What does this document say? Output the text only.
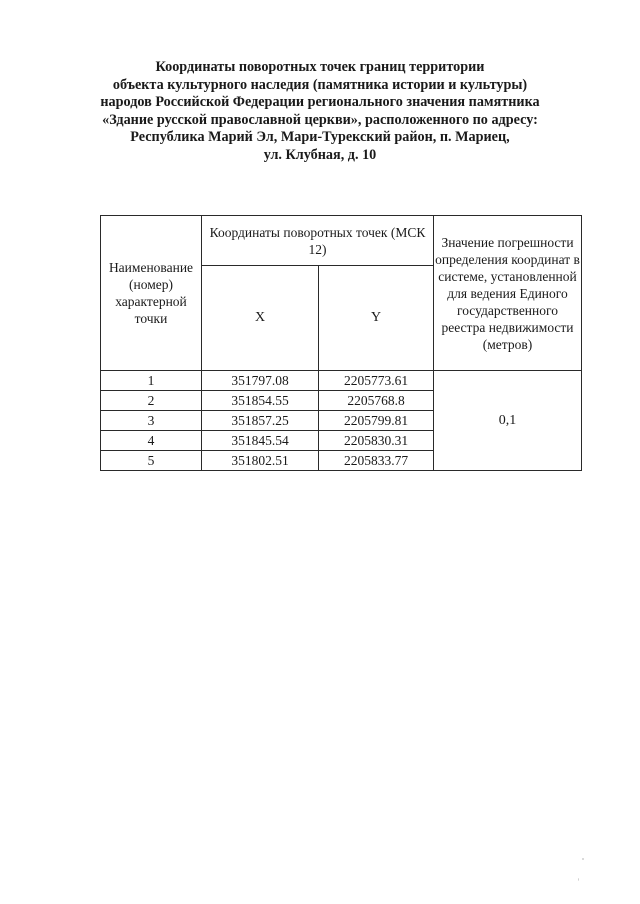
Координаты поворотных точек границ территории
объекта культурного наследия (памятника истории и культуры)
народов Российской Федерации регионального значения памятника
«Здание русской православной церкви», расположенного по адресу:
Республика Марий Эл, Мари-Турекский район, п. Мариец,
ул. Клубная, д. 10
Наименование (номер) характерной точки	Координаты поворотных точек (МСК 12)		Значение погрешности определения координат в системе, установленной для ведения Единого государственного реестра недвижимости (метров)
	X	Y	
1	351797.08	2205773.61	0,1
2	351854.55	2205768.8	
3	351857.25	2205799.81	
4	351845.54	2205830.31	
5	351802.51	2205833.77	
